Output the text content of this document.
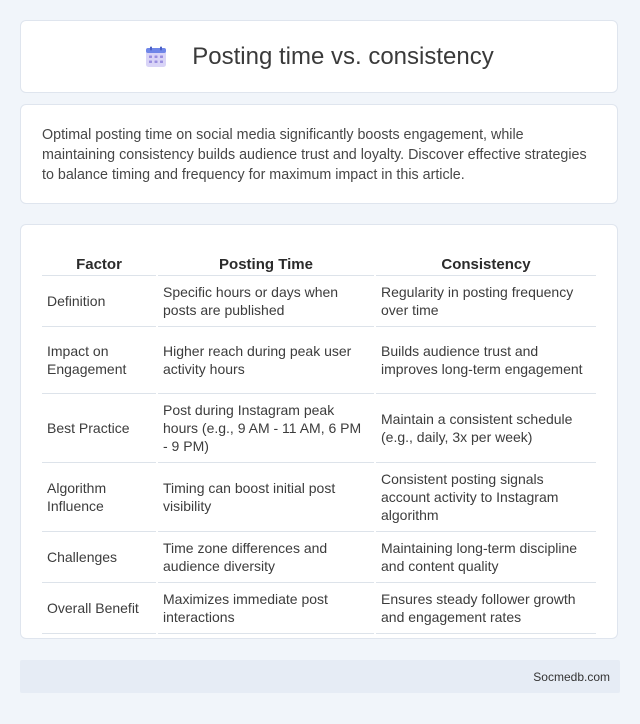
Posting time vs. consistency

Optimal posting time on social media significantly boosts engagement, while maintaining consistency builds audience trust and loyalty. Discover effective strategies to balance timing and frequency for maximum impact in this article.

Factor	Posting Time	Consistency
Definition	Specific hours or days when posts are published	Regularity in posting frequency over time
Impact on Engagement	Higher reach during peak user activity hours	Builds audience trust and improves long-term engagement
Best Practice	Post during Instagram peak hours (e.g., 9 AM - 11 AM, 6 PM - 9 PM)	Maintain a consistent schedule (e.g., daily, 3x per week)
Algorithm Influence	Timing can boost initial post visibility	Consistent posting signals account activity to Instagram algorithm
Challenges	Time zone differences and audience diversity	Maintaining long-term discipline and content quality
Overall Benefit	Maximizes immediate post interactions	Ensures steady follower growth and engagement rates
Socmedb.com
